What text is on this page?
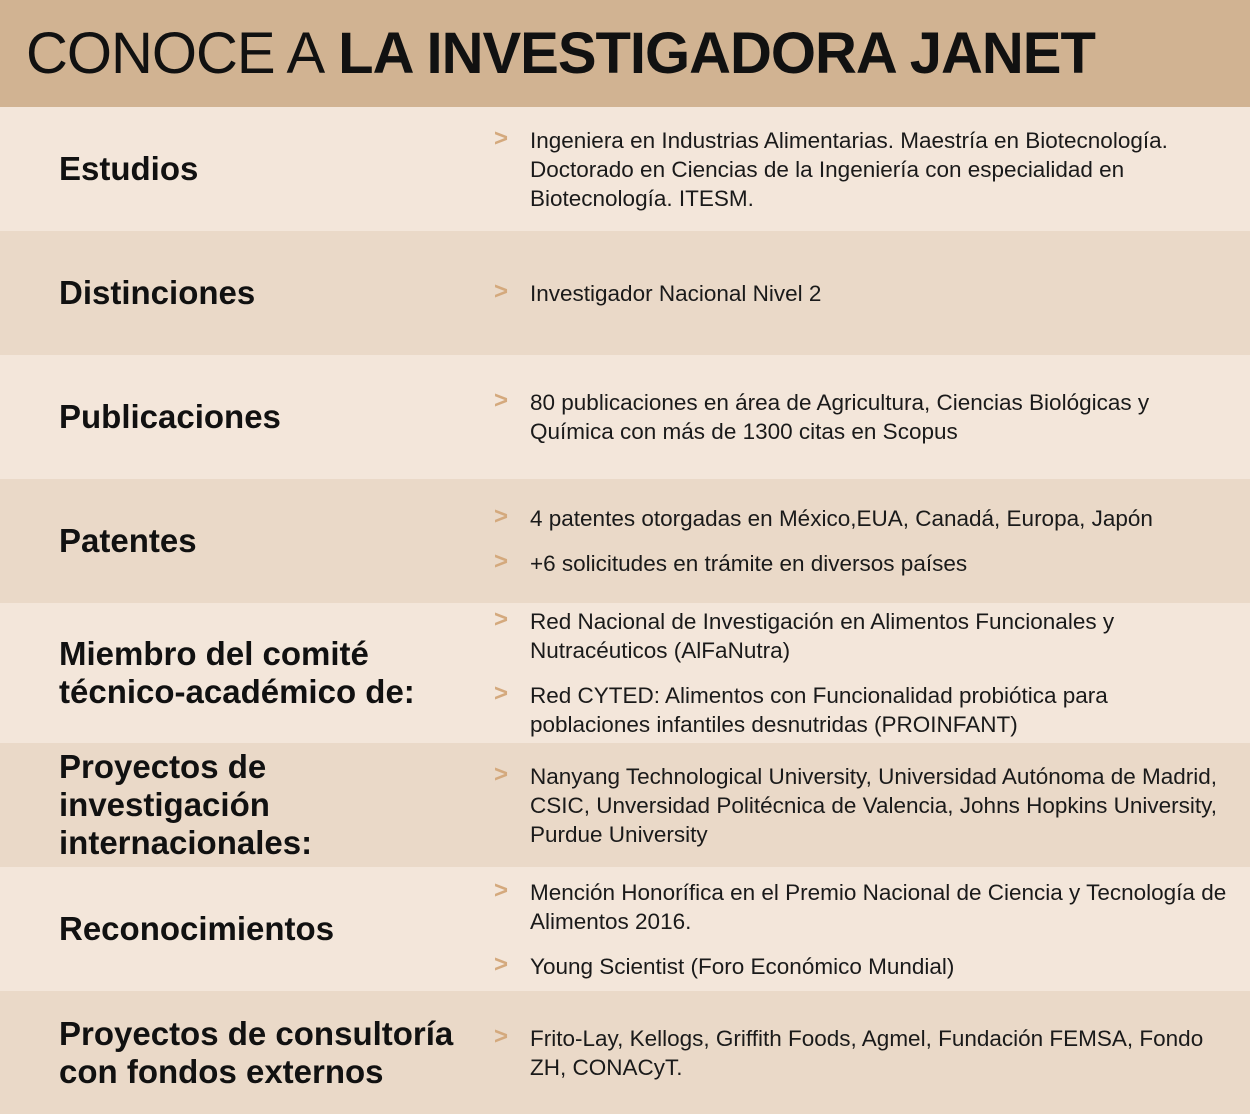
CONOCE A LA INVESTIGADORA JANET
Estudios
> Ingeniera en Industrias Alimentarias. Maestría en Biotecnología. Doctorado en Ciencias de la Ingeniería con especialidad en Biotecnología. ITESM.
Distinciones	> Investigador Nacional Nivel 2
Publicaciones	> 80 publicaciones en área de Agricultura, Ciencias Biológicas y Química con más de 1300 citas en Scopus
Patentes
> 4 patentes otorgadas en México,EUA, Canadá, Europa, Japón
> +6 solicitudes en trámite en diversos países
Miembro del comité técnico-académico de:
> Red Nacional de Investigación en Alimentos Funcionales y Nutracéuticos (AlFaNutra)
> Red CYTED: Alimentos con Funcionalidad probiótica para poblaciones infantiles desnutridas (PROINFANT)
Proyectos de investigación internacionales:
> Nanyang Technological University, Universidad Autónoma de Madrid, CSIC, Unversidad Politécnica de Valencia, Johns Hopkins University, Purdue University
Reconocimientos
> Mención Honorífica en el Premio Nacional de Ciencia y Tecnología de Alimentos 2016.
> Young Scientist (Foro Económico Mundial)
Proyectos de consultoría con fondos externos
> Frito-Lay, Kellogs, Griffith Foods, Agmel, Fundación FEMSA, Fondo ZH, CONACyT.
